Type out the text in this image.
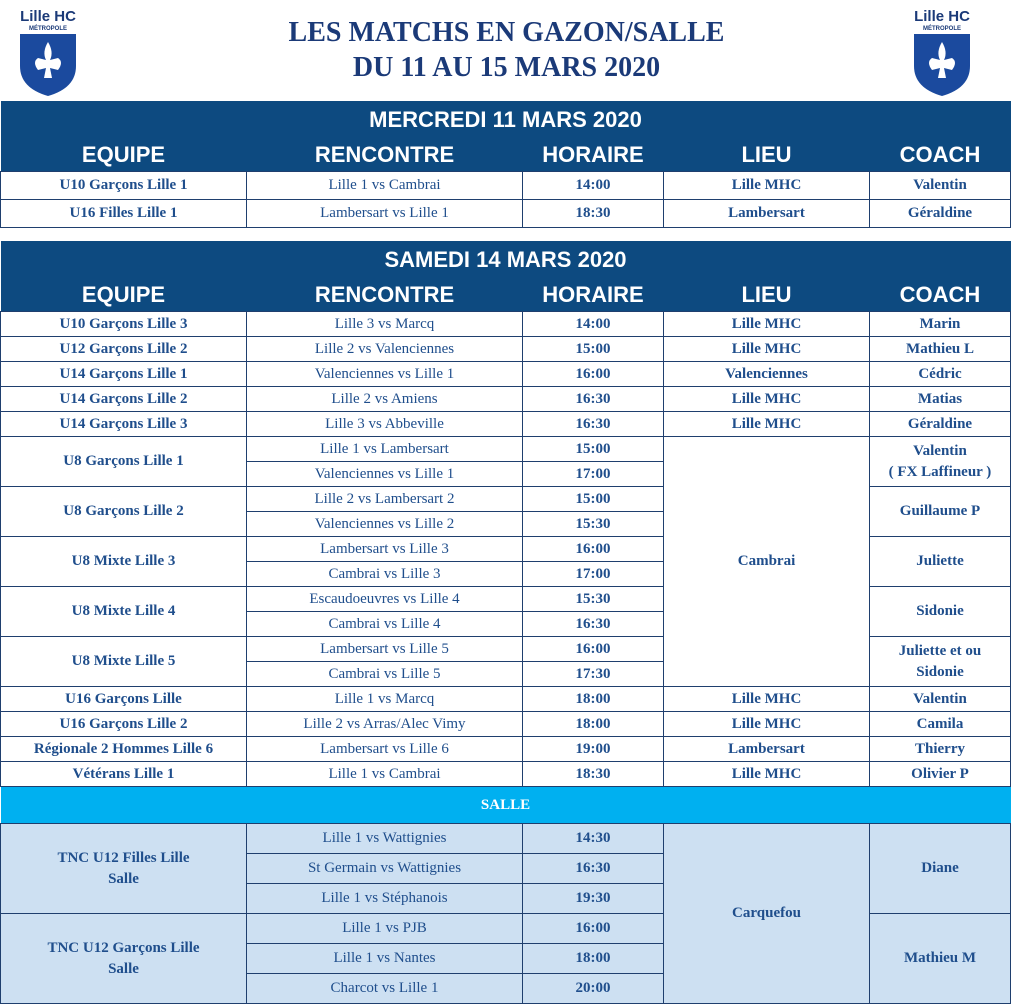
Lille HC
MÉTROPOLE
Lille HC
MÉTROPOLE
LES MATCHS EN GAZON/SALLE
DU 11 AU 15 MARS 2020
MERCREDI 11 MARS 2020				
EQUIPE	RENCONTRE	HORAIRE	LIEU	COACH
U10 Garçons Lille 1	Lille 1 vs Cambrai	14:00	Lille MHC	Valentin
U16 Filles Lille 1	Lambersart vs Lille 1	18:30	Lambersart	Géraldine
SAMEDI 14 MARS 2020				
EQUIPE	RENCONTRE	HORAIRE	LIEU	COACH
U10 Garçons Lille 3	Lille 3 vs Marcq	14:00	Lille MHC	Marin
U12 Garçons Lille 2	Lille 2 vs Valenciennes	15:00	Lille MHC	Mathieu L
U14 Garçons Lille 1	Valenciennes vs Lille 1	16:00	Valenciennes	Cédric
U14 Garçons Lille 2	Lille 2 vs Amiens	16:30	Lille MHC	Matias
U14 Garçons Lille 3	Lille 3 vs Abbeville	16:30	Lille MHC	Géraldine
U8 Garçons Lille 1	Lille 1 vs Lambersart	15:00	Cambrai	Valentin
( FX Laffineur )
	Valenciennes vs Lille 1	17:00		
U8 Garçons Lille 2	Lille 2 vs Lambersart 2	15:00		Guillaume P
	Valenciennes vs Lille 2	15:30		
U8 Mixte Lille 3	Lambersart vs Lille 3	16:00		Juliette
	Cambrai vs Lille 3	17:00		
U8 Mixte Lille 4	Escaudoeuvres vs Lille 4	15:30		Sidonie
	Cambrai vs Lille 4	16:30		
U8 Mixte Lille 5	Lambersart vs Lille 5	16:00		Juliette et ou
Sidonie
	Cambrai vs Lille 5	17:30		
U16 Garçons Lille	Lille 1 vs Marcq	18:00	Lille MHC	Valentin
U16 Garçons Lille 2	Lille 2 vs Arras/Alec Vimy	18:00	Lille MHC	Camila
Régionale 2 Hommes Lille 6	Lambersart vs Lille 6	19:00	Lambersart	Thierry
Vétérans Lille 1	Lille 1 vs Cambrai	18:30	Lille MHC	Olivier P
SALLE				
TNC U12 Filles Lille
Salle	Lille 1 vs Wattignies	14:30	Carquefou	Diane
	St Germain vs Wattignies	16:30		
	Lille 1 vs Stéphanois	19:30		
TNC U12 Garçons Lille
Salle	Lille 1 vs PJB	16:00		Mathieu M
	Lille 1 vs Nantes	18:00		
	Charcot vs Lille 1	20:00		
